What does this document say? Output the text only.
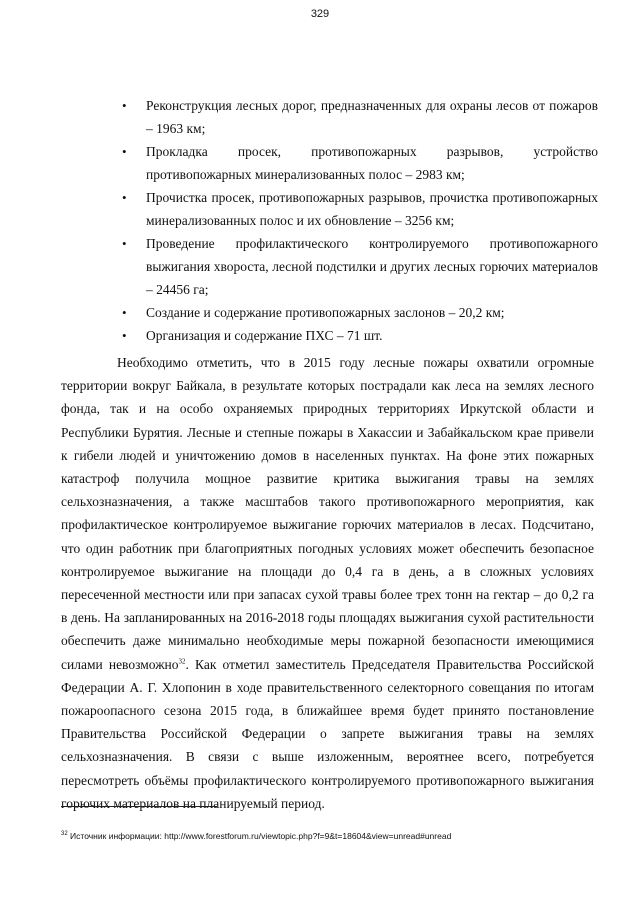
329
• Реконструкция лесных дорог, предназначенных для охраны лесов от пожаров – 1963 км;
• Прокладка просек, противопожарных разрывов, устройство противопожарных минерализованных полос – 2983 км;
• Прочистка просек, противопожарных разрывов, прочистка противопожарных минерализованных полос и их обновление – 3256 км;
• Проведение профилактического контролируемого противопожарного выжигания хворостa, лесной подстилки и других лесных горючих материалов – 24456 га;
• Создание и содержание противопожарных заслонов – 20,2 км;
• Организация и содержание ПХС – 71 шт.

Необходимо отметить, что в 2015 году лесные пожары охватили огромные территории вокруг Байкала, в результате которых пострадали как леса на землях лесного фонда, так и на особо охраняемых природных территориях Иркутской области и Республики Бурятия. Лесные и степные пожары в Хакассии и Забайкальском крае привели к гибели людей и уничтожению домов в населенных пунктах. На фоне этих пожарных катастроф получила мощное развитие критика выжигания травы на землях сельхозназначения, а также масштабов такого противопожарного мероприятия, как профилактическое контролируемое выжигание горючих материалов в лесах. Подсчитано, что один работник при благоприятных погодных условиях может обеспечить безопасное контролируемое выжигание на площади до 0,4 га в день, а в сложных условиях пересеченной местности или при запасах сухой травы более трех тонн на гектар – до 0,2 га в день. На запланированных на 2016-2018 годы площадях выжигания сухой растительности обеспечить даже минимально необходимые меры пожарной безопасности имеющимися силами невозможно$^{32}$. Как отметил заместитель Председателя Правительства Российской Федерации А. Г. Хлопонин в ходе правительственного селекторного совещания по итогам пожароопасного сезона 2015 года, в ближайшее время будет принято постановление Правительства Российской Федерации о запрете выжигания травы на землях сельхозназначения. В связи с выше изложенным, вероятнее всего, потребуется пересмотреть объёмы профилактического контролируемого противопожарного выжигания горючих материалов на планируемый период.

$^{32}$ Источник информации: http://www.forestforum.ru/viewtopic.php?f=9&t=18604&view=unread#unread
